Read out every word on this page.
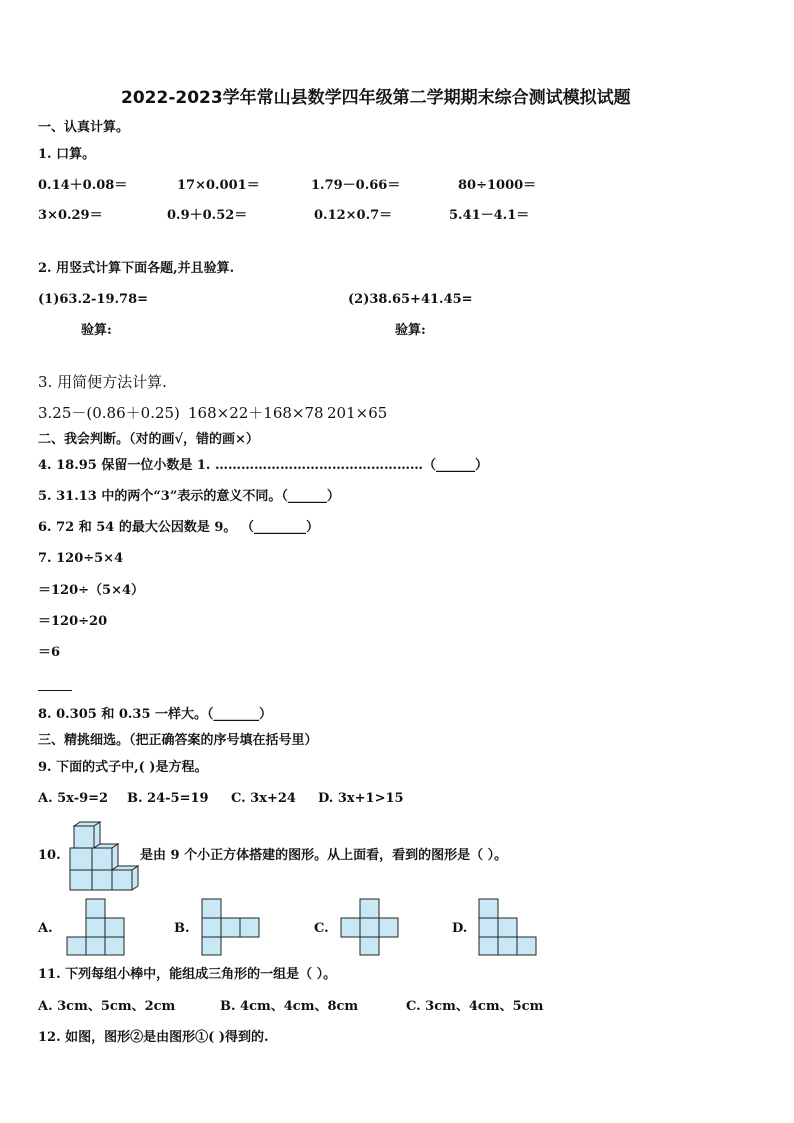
2022-2023学年常山县数学四年级第二学期期末综合测试模拟试题
一、认真计算。
1. 口算。
0.14＋0.08＝	17×0.001＝	1.79－0.66＝	80÷1000＝
3×0.29＝	0.9＋0.52＝	0.12×0.7＝	5.41－4.1＝
2. 用竖式计算下面各题,并且验算.
(1)63.2-19.78=	(2)38.65+41.45=
验算:	验算:
3. 用简便方法计算.
3.25－(0.86＋0.25) 168×22＋168×78 201×65
二、我会判断。（对的画√，错的画×）
4. 18.95 保留一位小数是 1. …………………………………………（______）
5. 31.13 中的两个“3”表示的意义不同。（______）
6. 72 和 54 的最大公因数是 9。 （________）
7. 120÷5×4
＝120÷（5×4）
＝120÷20
＝6
8. 0.305 和 0.35 一样大。（_______）
三、精挑细选。（把正确答案的序号填在括号里）
9. 下面的式子中,( )是方程。
A. 5x-9=2 B. 24-5=19 C. 3x+24 D. 3x+1>15
10.	是由 9 个小正方体搭建的图形。从上面看，看到的图形是（ ）。
A.	B.	C.	D.
11. 下列每组小棒中，能组成三角形的一组是（ ）。
A. 3cm、5cm、2cm	B. 4cm、4cm、8cm	C. 3cm、4cm、5cm
12. 如图，图形②是由图形①( )得到的.
